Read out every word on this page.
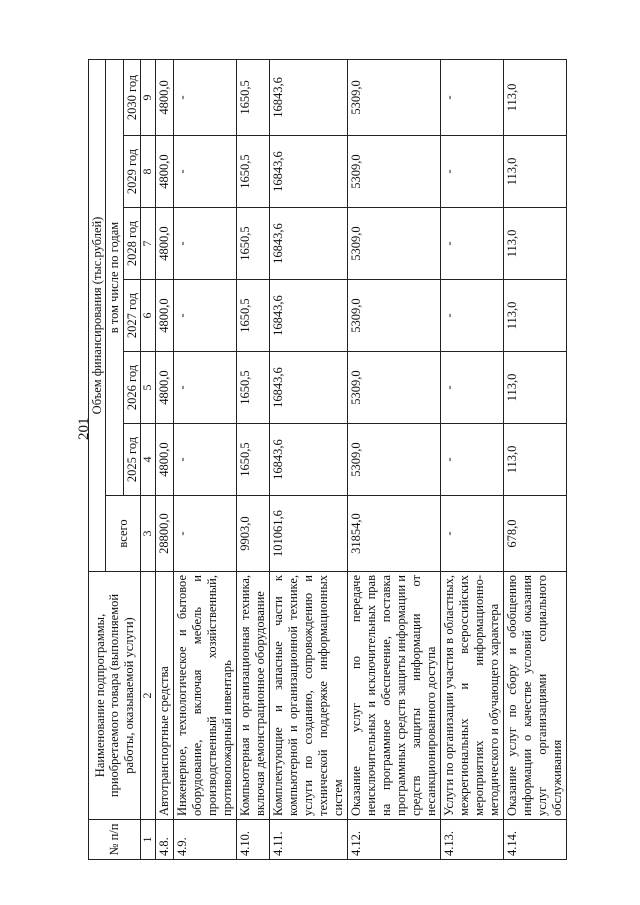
201
№ п/п	Наименование подпрограммы, приобретаемого товара (выполняемой работы, оказываемой услуги)	Объем финансирования (тыс.рублей)						
		всего	в том числе по годам					
			2025 год	2026 год	2027 год	2028 год	2029 год	2030 год
1	2	3	4	5	6	7	8	9
4.8.	Автотранспортные средства	28800,0	4800,0	4800,0	4800,0	4800,0	4800,0	4800,0
4.9.	Инженерное, технологическое и бытовое оборудование, включая мебель и производственный хозяйственный, противопожарный инвентарь	-	-	-	-	-	-	-
4.10.	Компьютерная и организационная техника, включая демонстрационное оборудование	9903,0	1650,5	1650,5	1650,5	1650,5	1650,5	1650,5
4.11.	Комплектующие и запасные части к компьютерной и организационной технике, услуги по созданию, сопровождению и технической поддержке информационных систем	101061,6	16843,6	16843,6	16843,6	16843,6	16843,6	16843,6
4.12.	Оказание услуг по передаче неисключительных и исключительных прав на программное обеспечение, поставка программных средств защиты информации и средств защиты информации от несанкционированного доступа	31854,0	5309,0	5309,0	5309,0	5309,0	5309,0	5309,0
4.13.	Услуги по организации участия в областных, межрегиональных и всероссийских мероприятиях информационно-методического и обучающего характера	-	-	-	-	-	-	-
4.14.	Оказание услуг по сбору и обобщению информации о качестве условий оказания услуг организациями социального обслуживания	678,0	113,0	113,0	113,0	113,0	113,0	113,0
